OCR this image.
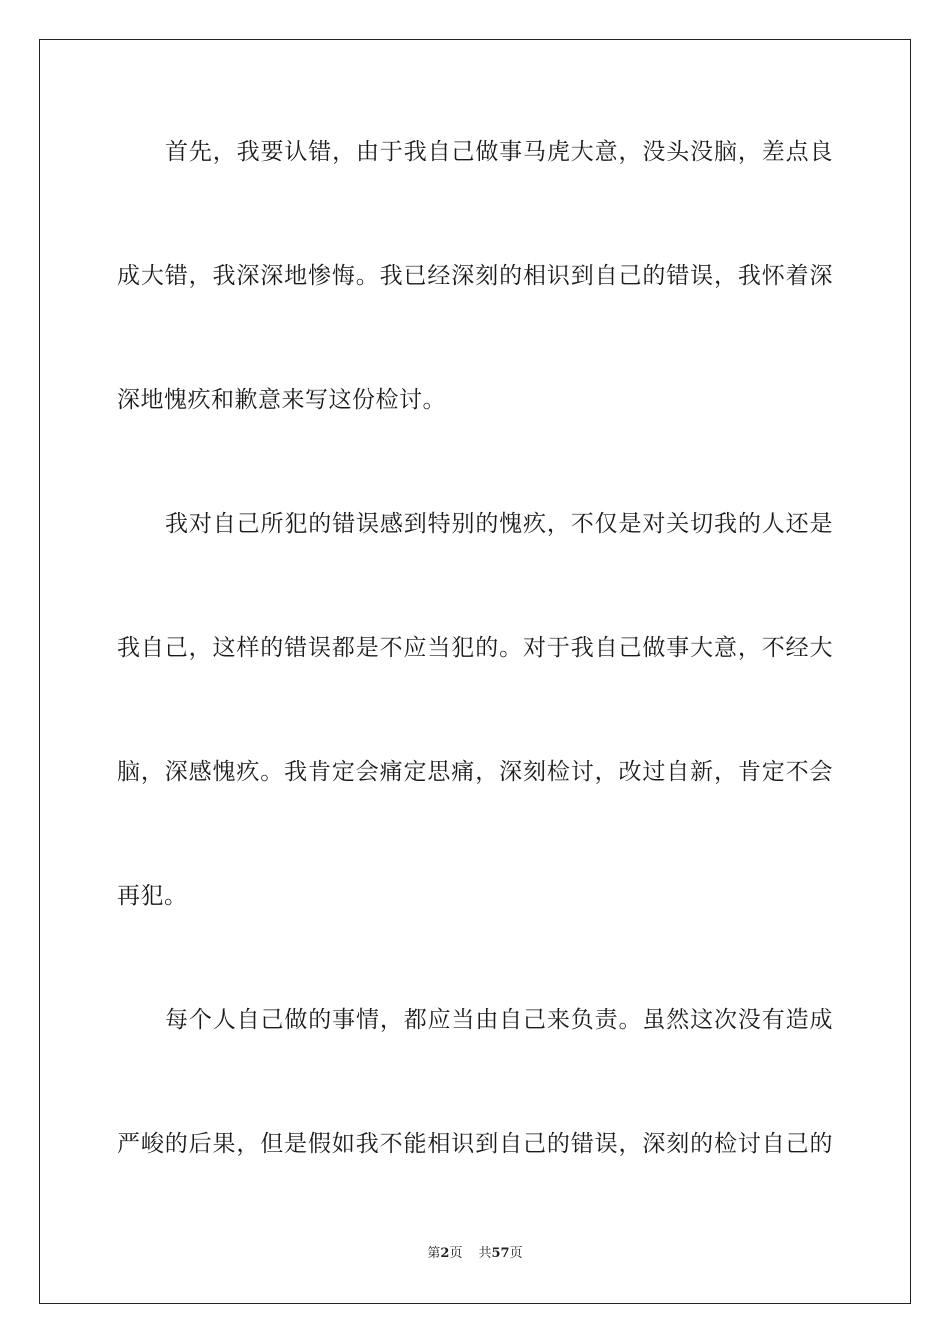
首先，我要认错，由于我自己做事马虎大意，没头没脑，差点良
成大错，我深深地惨悔。我已经深刻的相识到自己的错误，我怀着深
深地愧疚和歉意来写这份检讨。
我对自己所犯的错误感到特别的愧疚，不仅是对关切我的人还是
我自己，这样的错误都是不应当犯的。对于我自己做事大意，不经大
脑，深感愧疚。我肯定会痛定思痛，深刻检讨，改过自新，肯定不会
再犯。
每个人自己做的事情，都应当由自己来负责。虽然这次没有造成
严峻的后果，但是假如我不能相识到自己的错误，深刻的检讨自己的
第2页 共57页
